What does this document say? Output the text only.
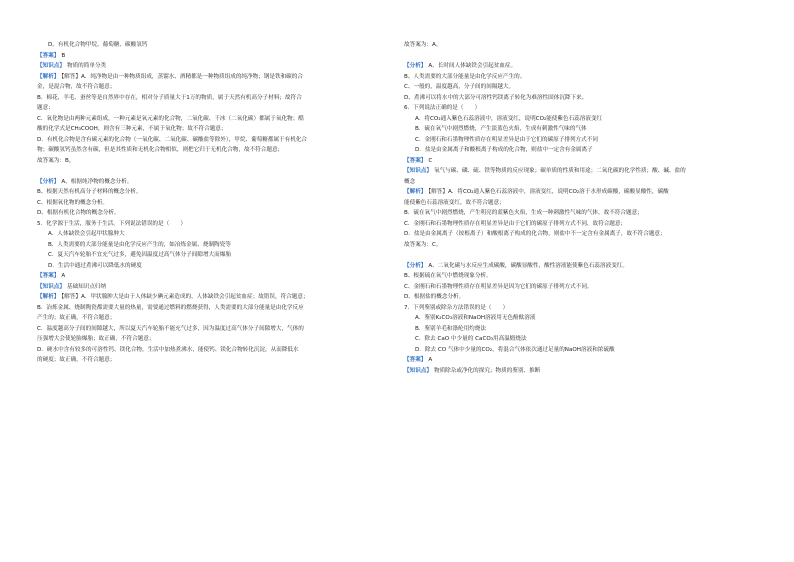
D、有机化合物甲烷、葡萄糖、碳酸氢钙
【答案】 B
【知识点】 物质的简单分类
【解析】 【解答】A．纯净物是由一种物质组成，蒸馏水、酒精都是一种物质组成的纯净物；钢是铁和碳的合
金，是混合物，故不符合题意；
B．棉花，羊毛、蚕丝等是自然界中存在，相对分子质量大于1万的物质，属于天然有机高分子材料；故符合
题意；
C．氧化物是由两种元素组成，一种元素是氧元素的化合物，二氧化碳、干冰（二氧化碳）都属于氧化物；酷
酸的化学式是CH₃COOH，则含有三种元素，不属于氧化物；故不符合题意；
D．有机化合物是含有碳元素的化合物（一氧化碳、二氧化碳、碳酸盐等除外），甲烷、葡萄糖都属于有机化合
物；碳酸氢钙虽然含有碳，但是其性质和无机化合物相似，则把它归于无机化合物，故不符合题意；
故答案为：B。
【分析】 A、根据纯净物的概念分析。
B、根据天然有机高分子材料的概念分析。
C、根据氧化物的概念分析。
D、根据有机化合物的概念分析。
5．化学源于生活，服务于生活。下列说法错误的是（　　）
A．人体缺铁会引起甲状腺肿大
B．人类需要的大部分能量是由化学反应产生的，如冶炼金属、烧制陶瓷等
C．夏天汽车轮胎不宜充气过多，避免因温度过高气体分子间隙增大而爆胎
D．生活中通过煮沸可以降低水的硬度
【答案】 A
【知识点】 基础知识点归纳
【解析】 【解答】A．甲状腺肿大是由于人体缺少碘元素造成的，人体缺铁会引起贫血症；故错误，符合题意；
B．冶炼金属、烧制陶瓷都需要大量的热量，需要通过燃料的燃烧获得，人类需要的大部分能量是由化学反应
产生的；故正确，不符合题意；
C．温度越高分子间的间隙越大，所以夏天汽车轮胎不能充气过多，因为温度过高气体分子间隙增大，气体的
压强增大会使轮胎爆胎；故正确，不符合题意；
D．硬水中含有较多的可溶性钙、镁化合物，生活中加热煮沸水，能使钙、镁化合物转化沉淀，从而降低水
的硬度；故正确，不符合题意；
故答案为：A。
【分析】 A、长时间人体缺铁会引起贫血症。
B、人类需要的大部分能量是由化学反应产生的。
C、一般的，温度越高，分子间的间隔越大。
D、煮沸可以将水中的大部分可溶性钙镁离子转化为难溶性固体沉降下来。
6．下列说法正确的是（　　）
A．将CO₂通入紫色石蕊溶液中，溶液变红，说明CO₂能使紫色石蕊溶液变红
B．硫在氧气中剧烈燃烧，产生淡蓝色火焰，生成有刺激性气味的气体
C．金刚石和石墨物理性质存在明显差异是由于它们的碳原子排列方式不同
D．盐是由金属离子和酸根离子构成的化合物，则盐中一定含有金属离子
【答案】 C
【知识点】 氧气与碳、磷、硫、铁等物质的反应现象；碳单质的性质和用途；二氧化碳的化学性质；酸、碱、盐的
概念
【解析】 【解答】A．将CO₂通入紫色石蕊溶液中，溶液变红，说明CO₂溶于水形成碳酸，碳酸显酸性，碳酸
能使紫色石蕊溶液变红，故不符合题意；
B．硫在氧气中剧烈燃烧，产生明亮的蓝紫色火焰，生成一种刺激性气味的气体，故不符合题意；
C．金刚石和石墨物理性质存在明显差异是由于它们的碳原子排列方式不同，故符合题意；
D．盐是由金属离子（铵根离子）和酸根离子构成的化合物，则盐中不一定含有金属离子，故不符合题意；
故答案为：C。
【分析】 A、二氧化碳与水反应生成碳酸，碳酸显酸性，酸性溶液能使紫色石蕊溶液变红。
B、根据硫在氧气中燃烧现象分析。
C、金刚石和石墨物理性质存在明显差异是因为它们的碳原子排列方式不同。
D、根据盐的概念分析。
7．下列鉴别或除杂方法错误的是（　　）
A．鉴别K₂CO₃溶液和NaOH溶液用无色酚酞溶液
B．鉴别羊毛和涤纶用灼烧法
C．除去 CaO 中少量的 CaCO₃用高温煅烧法
D．除去 CO 气体中少量的CO₂，将混合气体依次通过足量的NaOH溶液和浓硫酸
【答案】 A
【知识点】 物质除杂或净化的探究；物质的鉴别、推断
